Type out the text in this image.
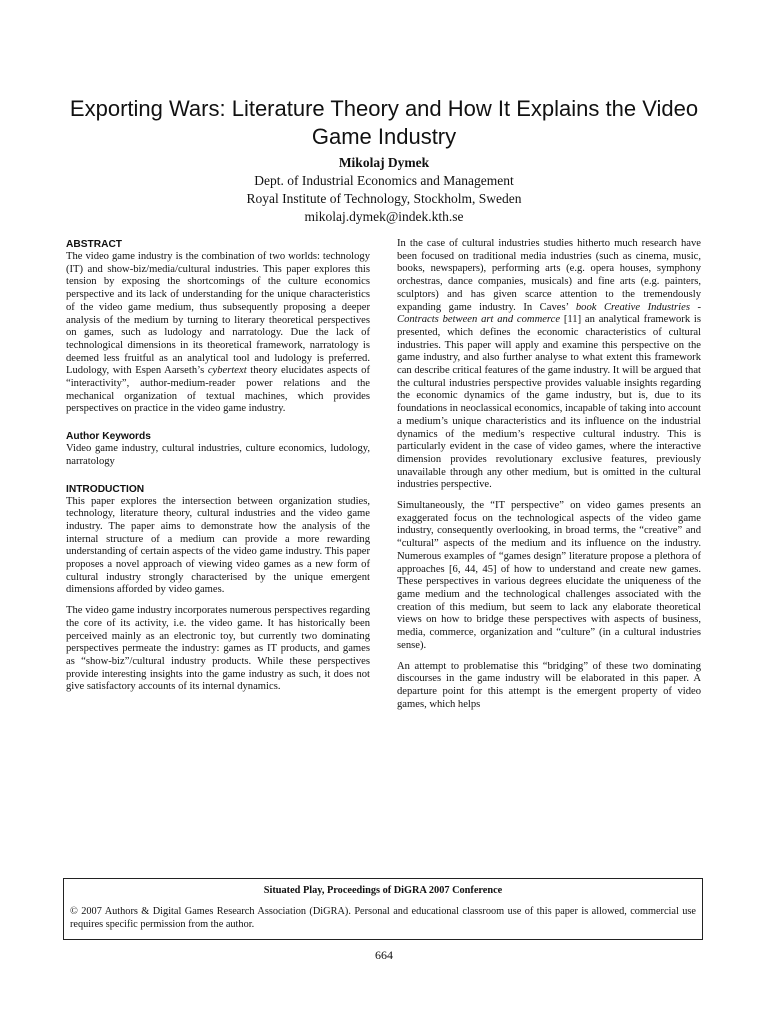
Exporting Wars: Literature Theory and How It Explains the Video Game Industry
Mikolaj Dymek
Dept. of Industrial Economics and Management
Royal Institute of Technology, Stockholm, Sweden
mikolaj.dymek@indek.kth.se
ABSTRACT

The video game industry is the combination of two worlds: technology (IT) and show-biz/media/cultural industries. This paper explores this tension by exposing the shortcomings of the culture economics perspective and its lack of understanding for the unique characteristics of the video game medium, thus subsequently proposing a deeper analysis of the medium by turning to literary theoretical perspectives on games, such as ludology and narratology. Due the lack of technological dimensions in its theoretical framework, narratology is deemed less fruitful as an analytical tool and ludology is preferred. Ludology, with Espen Aarseth’s cybertext theory elucidates aspects of “interactivity”, author-medium-reader power relations and the mechanical organization of textual machines, which provides perspectives on practice in the video game industry.

Author Keywords

Video game industry, cultural industries, culture economics, ludology, narratology

INTRODUCTION

This paper explores the intersection between organization studies, technology, literature theory, cultural industries and the video game industry. The paper aims to demonstrate how the analysis of the internal structure of a medium can provide a more rewarding understanding of certain aspects of the video game industry. This paper proposes a novel approach of viewing video games as a new form of cultural industry strongly characterised by the unique emergent dimensions afforded by video games.

The video game industry incorporates numerous perspectives regarding the core of its activity, i.e. the video game. It has historically been perceived mainly as an electronic toy, but currently two dominating perspectives permeate the industry: games as IT products, and games as “show-biz”/cultural industry products. While these perspectives provide interesting insights into the game industry as such, it does not give satisfactory accounts of its internal dynamics.

In the case of cultural industries studies hitherto much research have been focused on traditional media industries (such as cinema, music, books, newspapers), performing arts (e.g. opera houses, symphony orchestras, dance companies, musicals) and fine arts (e.g. painters, sculptors) and has given scarce attention to the tremendously expanding game industry. In Caves’ book Creative Industries - Contracts between art and commerce [11] an analytical framework is presented, which defines the economic characteristics of cultural industries. This paper will apply and examine this perspective on the game industry, and also further analyse to what extent this framework can describe critical features of the game industry. It will be argued that the cultural industries perspective provides valuable insights regarding the economic dynamics of the game industry, but is, due to its foundations in neoclassical economics, incapable of taking into account a medium’s unique characteristics and its influence on the industrial dynamics of the medium’s respective cultural industry. This is particularly evident in the case of video games, where the interactive dimension provides revolutionary exclusive features, previously unavailable through any other medium, but is omitted in the cultural industries perspective.

Simultaneously, the “IT perspective” on video games presents an exaggerated focus on the technological aspects of the video game industry, consequently overlooking, in broad terms, the “creative” and “cultural” aspects of the medium and its influence on the industry. Numerous examples of “games design” literature propose a plethora of approaches [6, 44, 45] of how to understand and create new games. These perspectives in various degrees elucidate the uniqueness of the game medium and the technological challenges associated with the creation of this medium, but seem to lack any elaborate theoretical views on how to bridge these perspectives with aspects of business, media, commerce, organization and “culture” (in a cultural industries sense).

An attempt to problematise this “bridging” of these two dominating discourses in the game industry will be elaborated in this paper. A departure point for this attempt is the emergent property of video games, which helps

Situated Play, Proceedings of DiGRA 2007 Conference
© 2007 Authors & Digital Games Research Association (DiGRA). Personal and educational classroom use of this paper is allowed, commercial use requires specific permission from the author.
664
